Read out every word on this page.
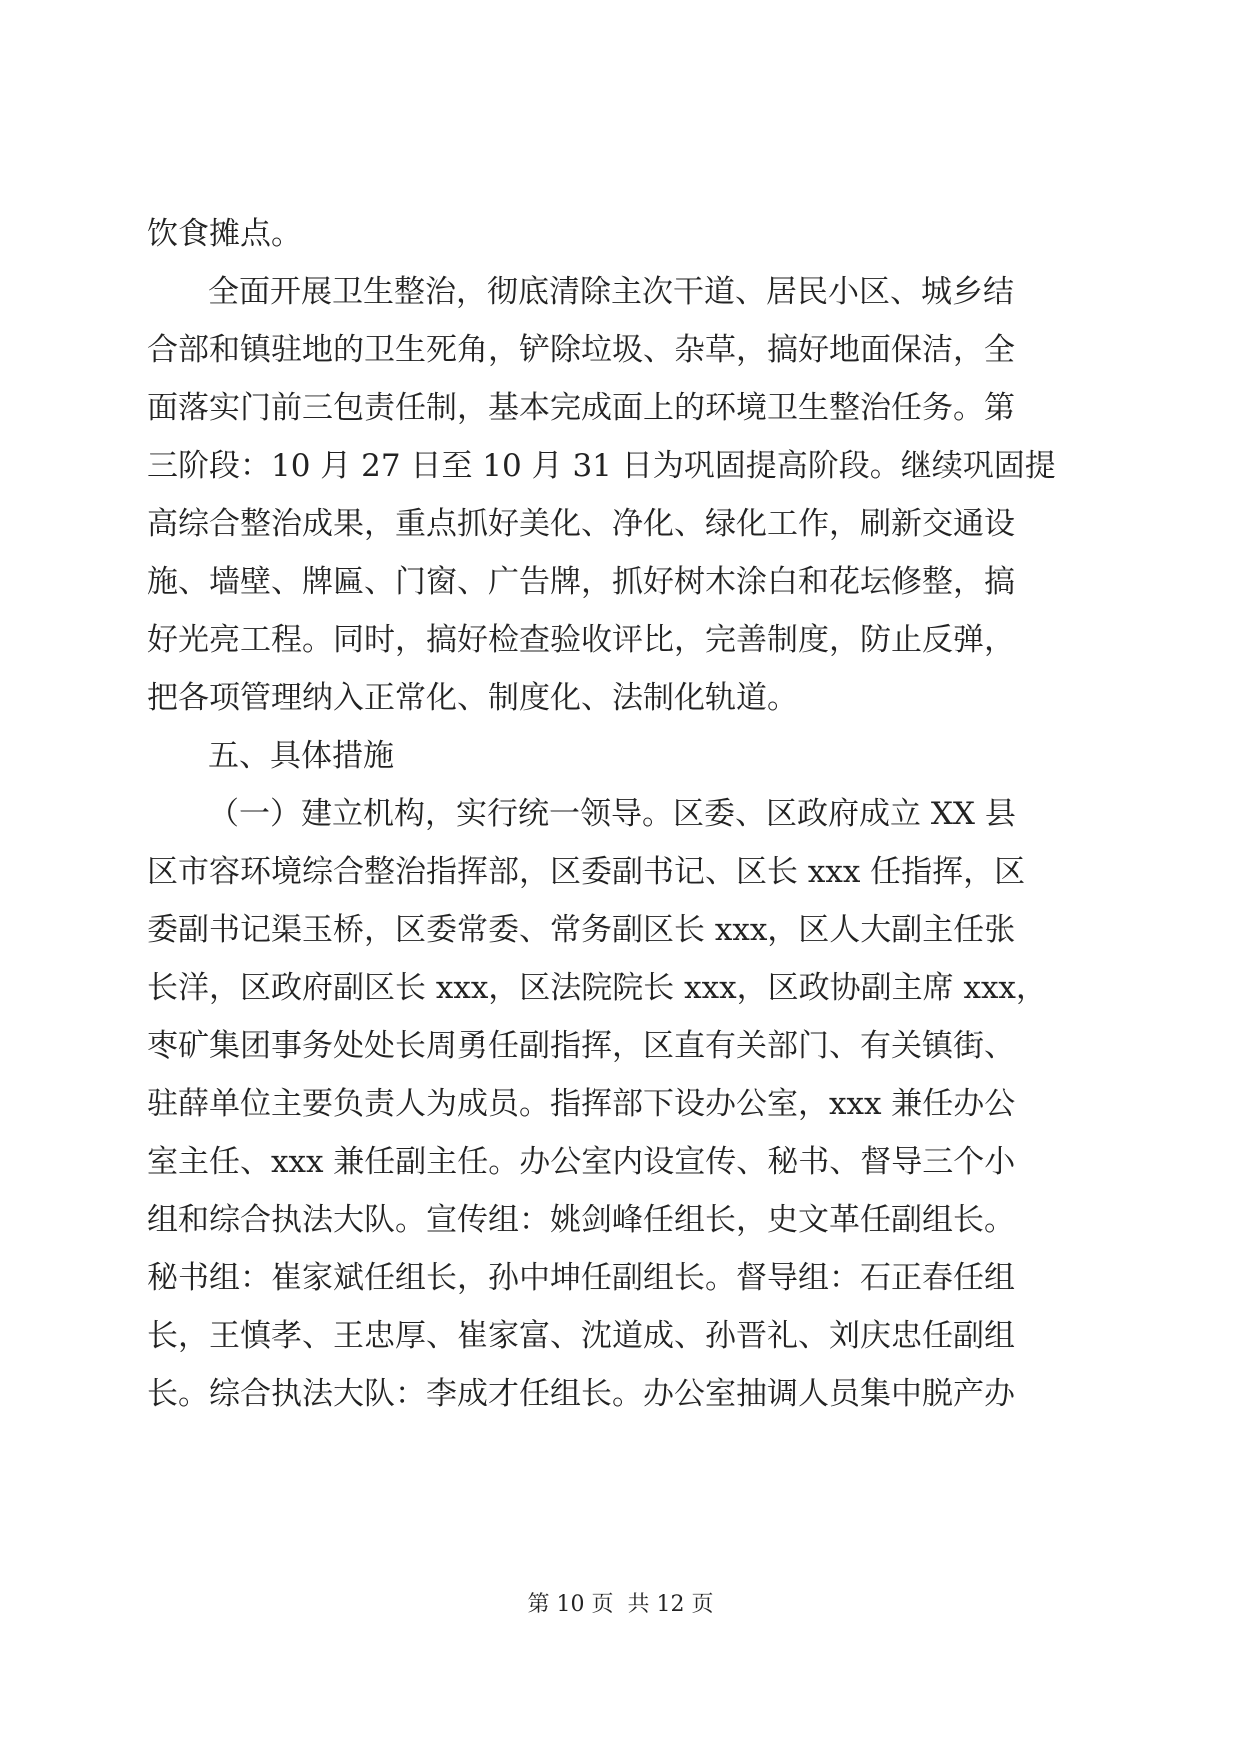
饮食摊点。
全面开展卫生整治，彻底清除主次干道、居民小区、城乡结
合部和镇驻地的卫生死角，铲除垃圾、杂草，搞好地面保洁，全
面落实门前三包责任制，基本完成面上的环境卫生整治任务。第
三阶段：10 月 27 日至 10 月 31 日为巩固提高阶段。继续巩固提
高综合整治成果，重点抓好美化、净化、绿化工作，刷新交通设
施、墙壁、牌匾、门窗、广告牌，抓好树木涂白和花坛修整，搞
好光亮工程。同时，搞好检查验收评比，完善制度，防止反弹，
把各项管理纳入正常化、制度化、法制化轨道。
五、具体措施
（一）建立机构，实行统一领导。区委、区政府成立 XX 县
区市容环境综合整治指挥部，区委副书记、区长 xxx 任指挥，区
委副书记渠玉桥，区委常委、常务副区长 xxx，区人大副主任张
长洋，区政府副区长 xxx，区法院院长 xxx，区政协副主席 xxx，
枣矿集团事务处处长周勇任副指挥，区直有关部门、有关镇街、
驻薛单位主要负责人为成员。指挥部下设办公室，xxx 兼任办公
室主任、xxx 兼任副主任。办公室内设宣传、秘书、督导三个小
组和综合执法大队。宣传组：姚剑峰任组长，史文革任副组长。
秘书组：崔家斌任组长，孙中坤任副组长。督导组：石正春任组
长，王慎孝、王忠厚、崔家富、沈道成、孙晋礼、刘庆忠任副组
长。综合执法大队：李成才任组长。办公室抽调人员集中脱产办
第 10 页  共 12 页
